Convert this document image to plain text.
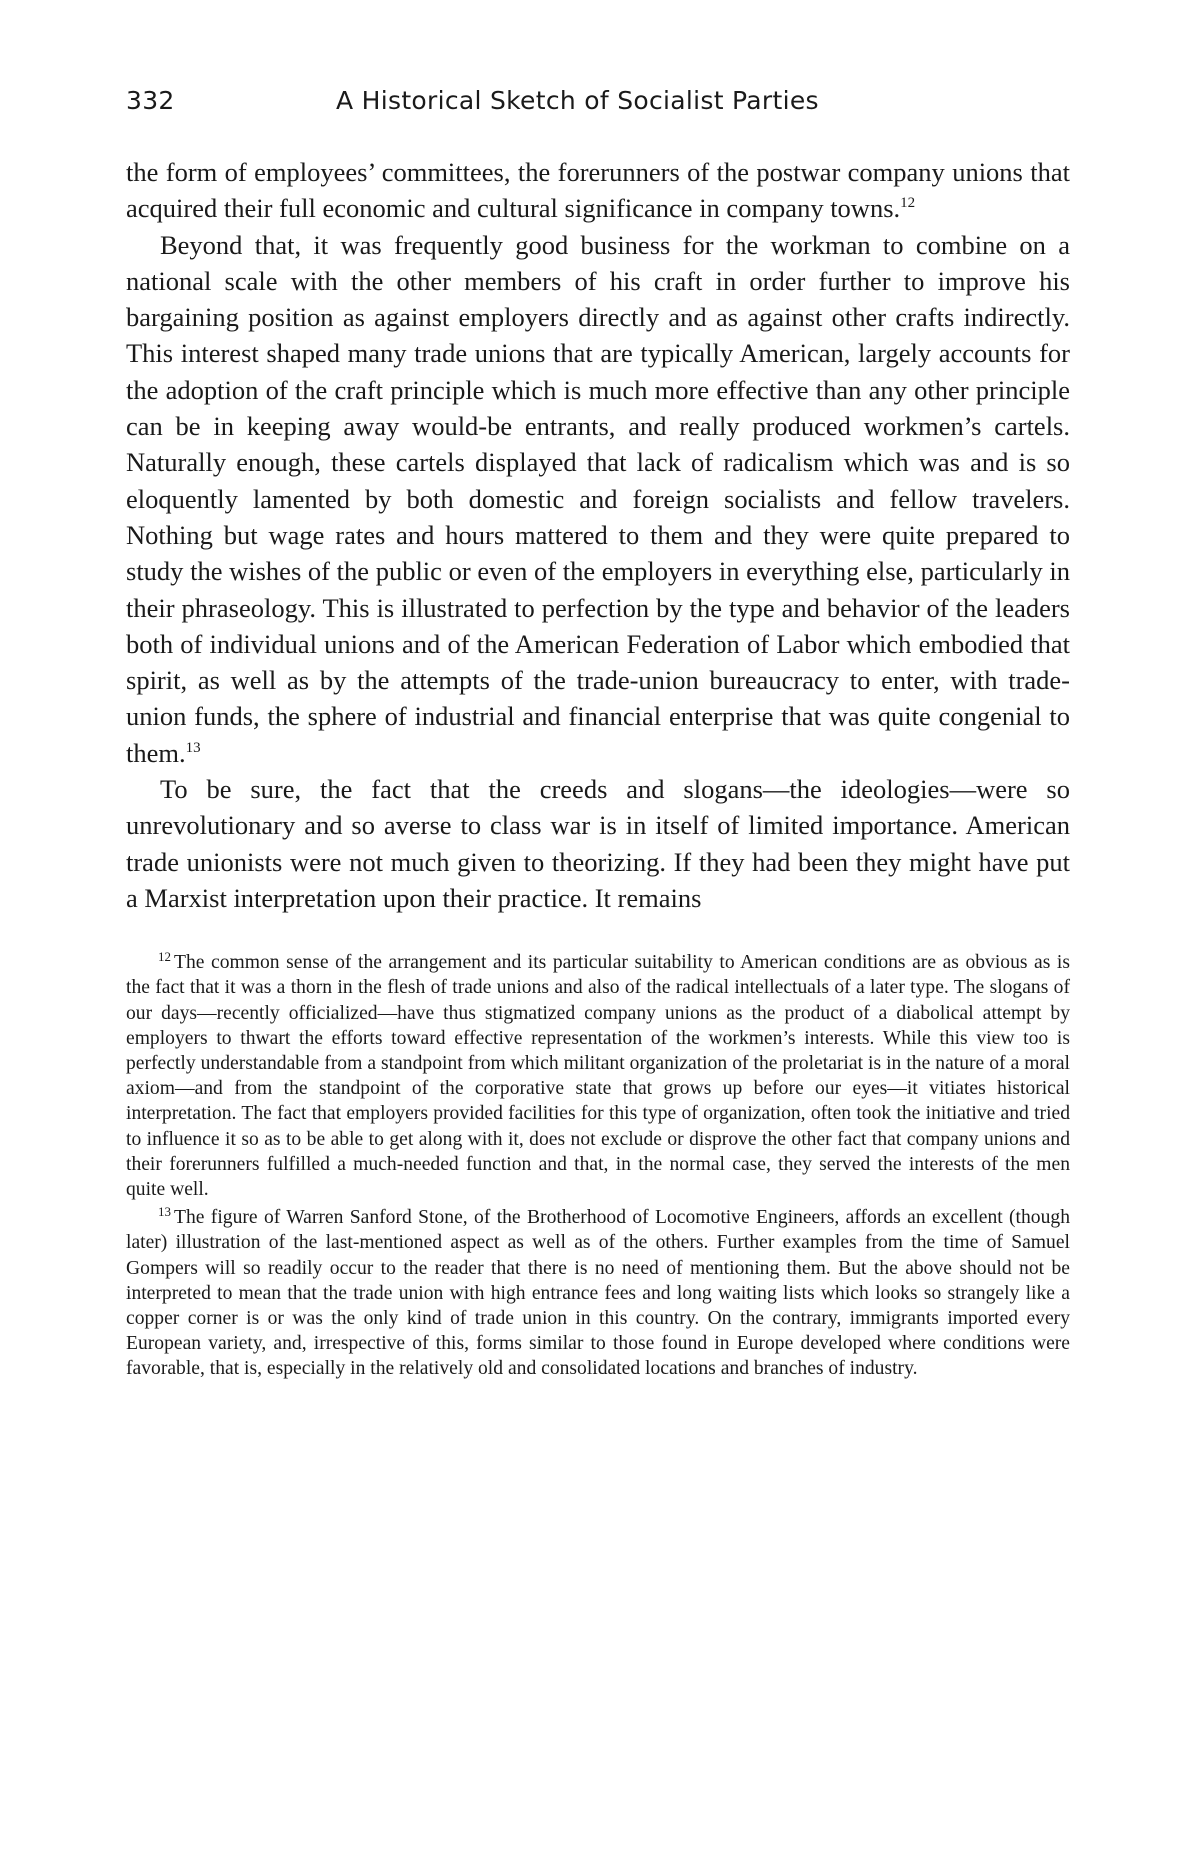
332	A Historical Sketch of Socialist Parties

the form of employees’ committees, the forerunners of the postwar company unions that acquired their full economic and cultural significance in company towns.$^{12}$

Beyond that, it was frequently good business for the workman to combine on a national scale with the other members of his craft in order further to improve his bargaining position as against employers directly and as against other crafts indirectly. This interest shaped many trade unions that are typically American, largely accounts for the adoption of the craft principle which is much more effective than any other principle can be in keeping away would-be entrants, and really produced workmen’s cartels. Naturally enough, these cartels displayed that lack of radicalism which was and is so eloquently lamented by both domestic and foreign socialists and fellow travelers. Nothing but wage rates and hours mattered to them and they were quite prepared to study the wishes of the public or even of the employers in everything else, particularly in their phraseology. This is illustrated to perfection by the type and behavior of the leaders both of individual unions and of the American Federation of Labor which embodied that spirit, as well as by the attempts of the trade-union bureaucracy to enter, with trade-union funds, the sphere of industrial and financial enterprise that was quite congenial to them.$^{13}$

To be sure, the fact that the creeds and slogans—the ideologies—were so unrevolutionary and so averse to class war is in itself of limited importance. American trade unionists were not much given to theorizing. If they had been they might have put a Marxist interpretation upon their practice. It remains

$^{12}$ The common sense of the arrangement and its particular suitability to American conditions are as obvious as is the fact that it was a thorn in the flesh of trade unions and also of the radical intellectuals of a later type. The slogans of our days—recently officialized—have thus stigmatized company unions as the product of a diabolical attempt by employers to thwart the efforts toward effective representation of the workmen’s interests. While this view too is perfectly understandable from a standpoint from which militant organization of the proletariat is in the nature of a moral axiom—and from the standpoint of the corporative state that grows up before our eyes—it vitiates historical interpretation. The fact that employers provided facilities for this type of organization, often took the initiative and tried to influence it so as to be able to get along with it, does not exclude or disprove the other fact that company unions and their forerunners fulfilled a much-needed function and that, in the normal case, they served the interests of the men quite well.

$^{13}$ The figure of Warren Sanford Stone, of the Brotherhood of Locomotive Engineers, affords an excellent (though later) illustration of the last-mentioned aspect as well as of the others. Further examples from the time of Samuel Gompers will so readily occur to the reader that there is no need of mentioning them. But the above should not be interpreted to mean that the trade union with high entrance fees and long waiting lists which looks so strangely like a copper corner is or was the only kind of trade union in this country. On the contrary, immigrants imported every European variety, and, irrespective of this, forms similar to those found in Europe developed where conditions were favorable, that is, especially in the relatively old and consolidated locations and branches of industry.
